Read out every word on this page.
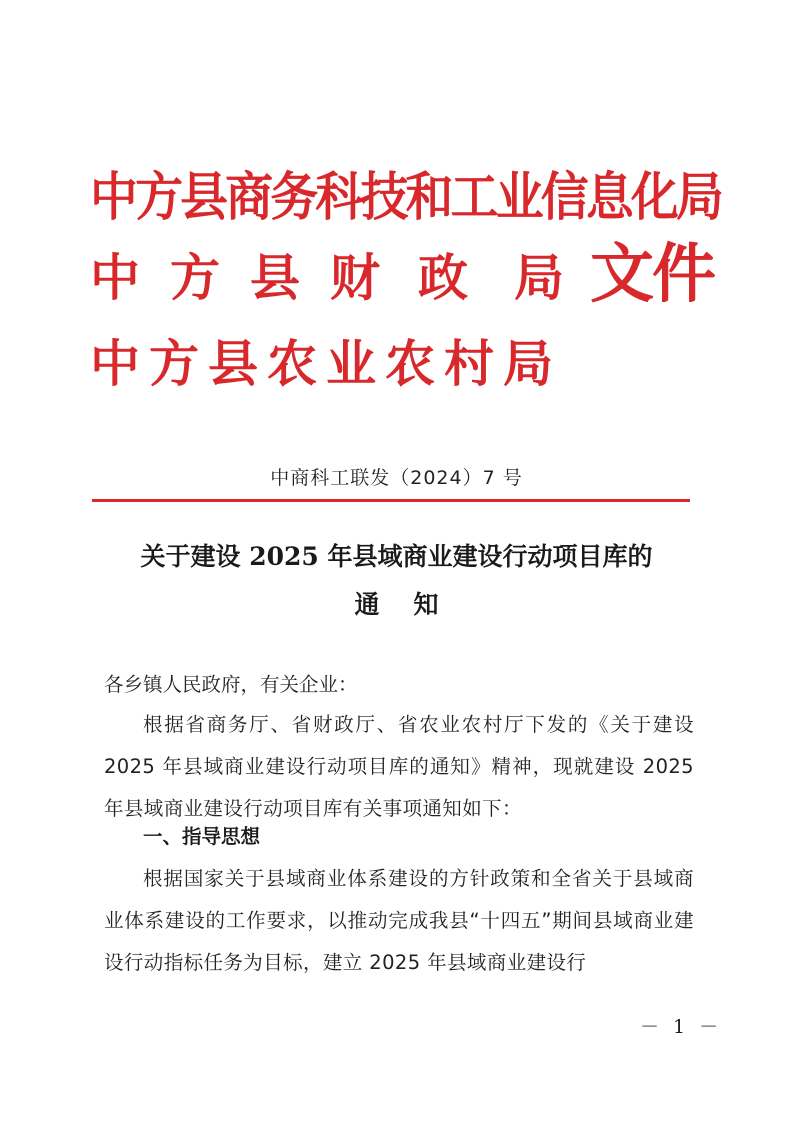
中方县商务科技和工业信息化局
中 方 县 财 政 局
中方县农业农村局
文件
中商科工联发（2024）7 号
关于建设 2025 年县域商业建设行动项目库的
通知
各乡镇人民政府，有关企业：
根据省商务厅、省财政厅、省农业农村厅下发的《关于建设 2025 年县域商业建设行动项目库的通知》精神，现就建设 2025 年县域商业建设行动项目库有关事项通知如下：
一、指导思想
根据国家关于县域商业体系建设的方针政策和全省关于县域商业体系建设的工作要求，以推动完成我县“十四五”期间县域商业建设行动指标任务为目标，建立 2025 年县域商业建设行
－ 1 －
